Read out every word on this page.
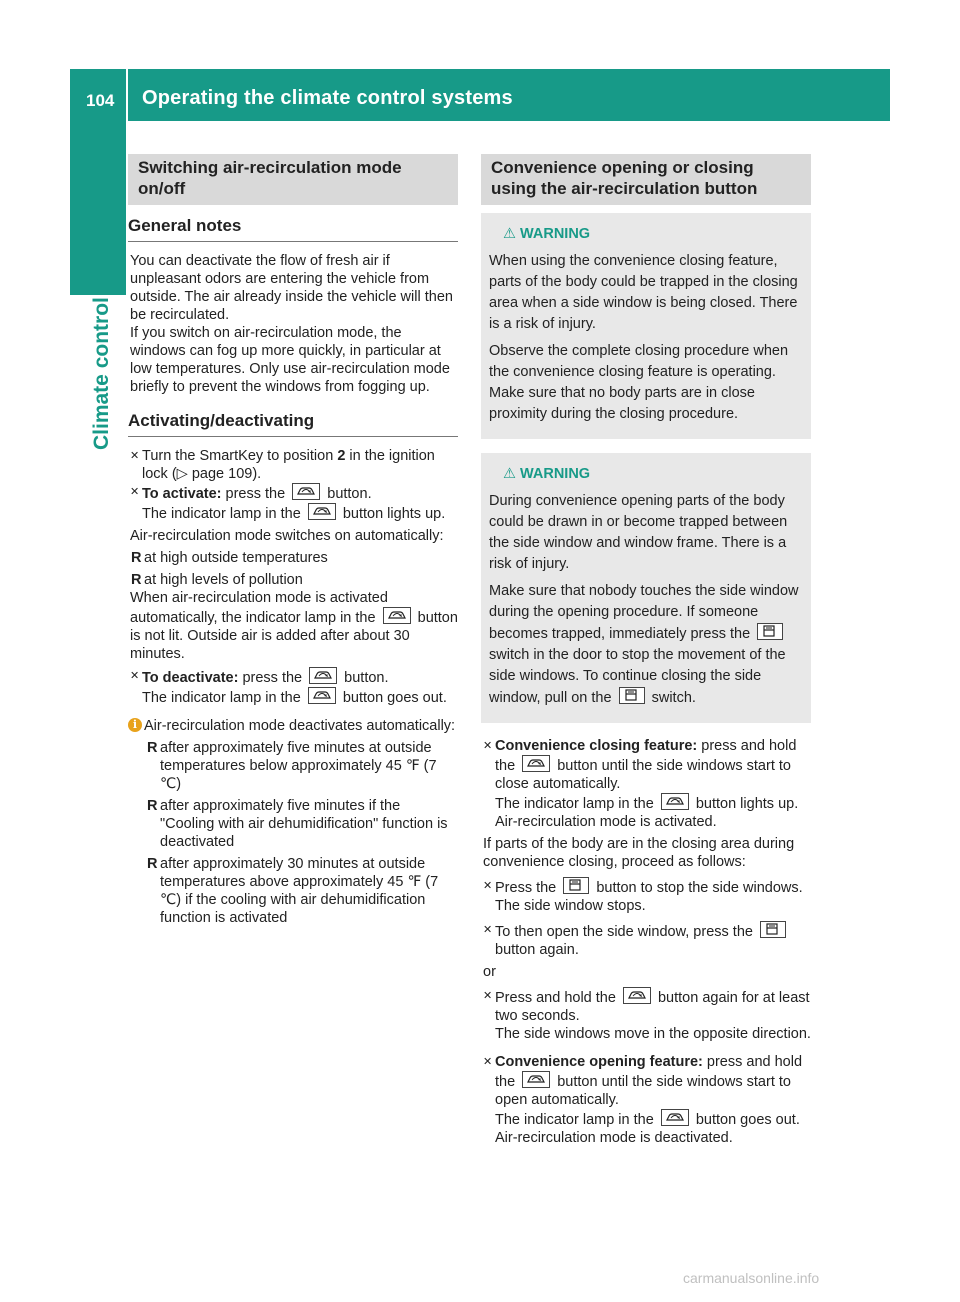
104 Operating the climate control systems
Climate control
Switching air-recirculation mode on/off
General notes
You can deactivate the flow of fresh air if unpleasant odors are entering the vehicle from outside. The air already inside the vehicle will then be recirculated.
If you switch on air-recirculation mode, the windows can fog up more quickly, in particular at low temperatures. Only use air-recirculation mode briefly to prevent the windows from fogging up.
Activating/deactivating
✕ Turn the SmartKey to position 2 in the ignition lock (▷ page 109).
✕ To activate: press the	button.
The indicator lamp in the	button lights up.
Air-recirculation mode switches on automatically:
R at high outside temperatures
R at high levels of pollution
When air-recirculation mode is activated automatically, the indicator lamp in the	button is not lit. Outside air is added after about 30 minutes.
✕ To deactivate: press the	button.
The indicator lamp in the	button goes out.
i Air-recirculation mode deactivates automatically:
R after approximately five minutes at outside temperatures below approximately 45 ℉ (7 ℃)
R after approximately five minutes if the "Cooling with air dehumidification" function is deactivated
R after approximately 30 minutes at outside temperatures above approximately 45 ℉ (7 ℃) if the cooling with air dehumidification function is activated
Convenience opening or closing using the air-recirculation button
⚠ WARNING
When using the convenience closing feature, parts of the body could be trapped in the closing area when a side window is being closed. There is a risk of injury.
Observe the complete closing procedure when the convenience closing feature is operating. Make sure that no body parts are in close proximity during the closing procedure.
⚠ WARNING
During convenience opening parts of the body could be drawn in or become trapped between the side window and window frame. There is a risk of injury.
Make sure that nobody touches the side window during the opening procedure. If someone becomes trapped, immediately press the
switch in the door to stop the movement of the side windows. To continue closing the side window, pull on the	switch.
✕ Convenience closing feature: press and hold the	button until the side windows start to close automatically.
The indicator lamp in the	button lights up. Air-recirculation mode is activated.
If parts of the body are in the closing area during convenience closing, proceed as follows:
✕ Press the	button to stop the side windows.
The side window stops.
✕ To then open the side window, press the
button again.
or
✕ Press and hold the	button again for at least two seconds.
The side windows move in the opposite direction.
✕ Convenience opening feature: press and hold the	button until the side windows start to open automatically.
The indicator lamp in the	button goes out. Air-recirculation mode is deactivated.
carmanualsonline.info
